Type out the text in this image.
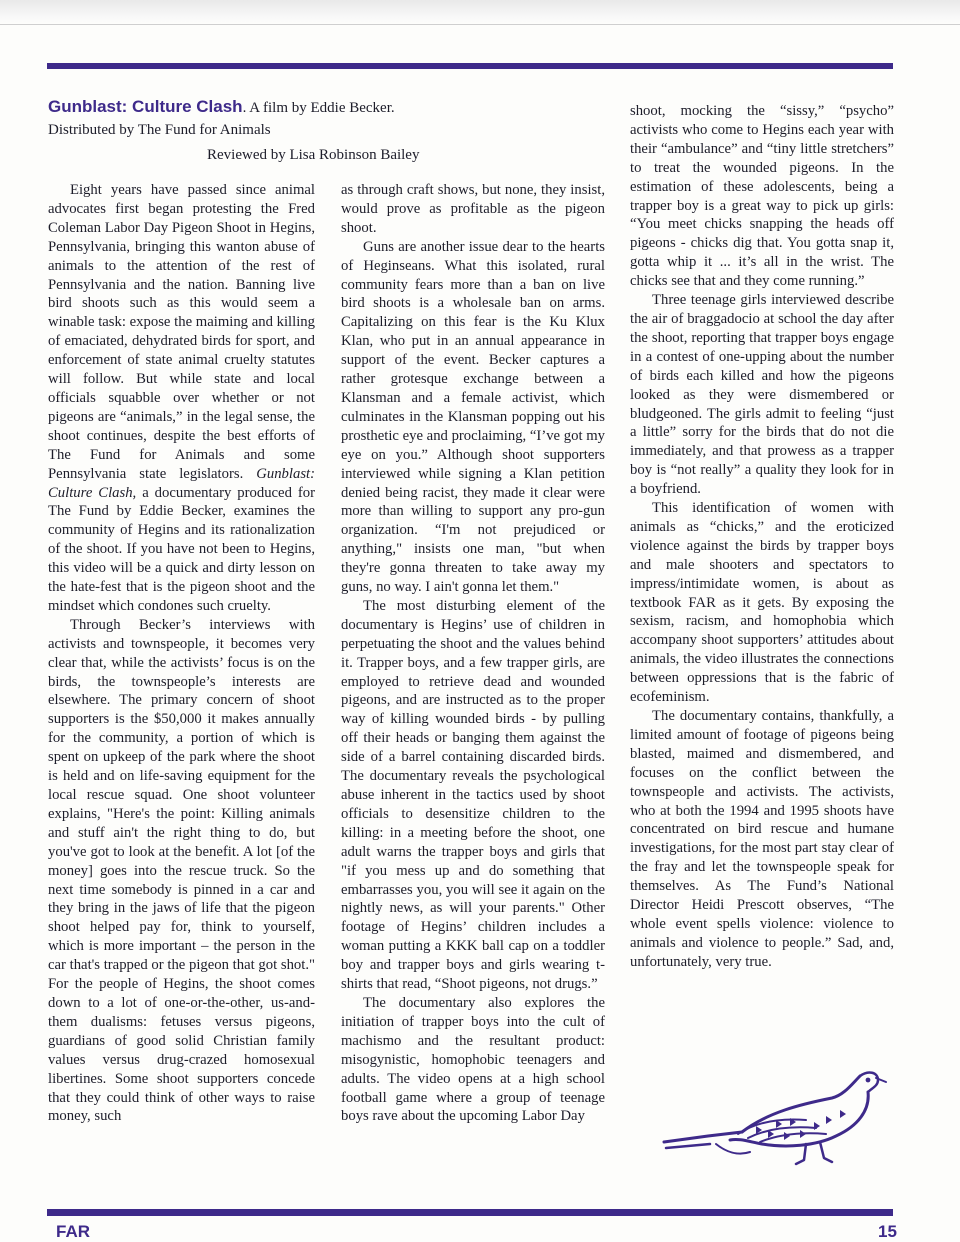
Gunblast: Culture Clash. A film by Eddie Becker.
Distributed by The Fund for Animals
Reviewed by Lisa Robinson Bailey

Eight years have passed since animal advocates first began protesting the Fred Coleman Labor Day Pigeon Shoot in Hegins, Pennsylvania, bringing this wanton abuse of animals to the attention of the rest of Pennsylvania and the nation. Banning live bird shoots such as this would seem a winable task: expose the maiming and killing of emaciated, dehydrated birds for sport, and enforcement of state animal cruelty statutes will follow. But while state and local officials squabble over whether or not pigeons are “animals,” in the legal sense, the shoot continues, despite the best efforts of The Fund for Animals and some Pennsylvania state legislators. Gunblast: Culture Clash, a documentary produced for The Fund by Eddie Becker, examines the community of Hegins and its rationalization of the shoot. If you have not been to Hegins, this video will be a quick and dirty lesson on the hate-fest that is the pigeon shoot and the mindset which condones such cruelty.

Through Becker’s interviews with activists and townspeople, it becomes very clear that, while the activists’ focus is on the birds, the townspeople’s interests are elsewhere. The primary concern of shoot supporters is the $50,000 it makes annually for the community, a portion of which is spent on upkeep of the park where the shoot is held and on life-saving equipment for the local rescue squad. One shoot volunteer explains, "Here's the point: Killing animals and stuff ain't the right thing to do, but you've got to look at the benefit. A lot [of the money] goes into the rescue truck. So the next time somebody is pinned in a car and they bring in the jaws of life that the pigeon shoot helped pay for, think to yourself, which is more important – the person in the car that's trapped or the pigeon that got shot." For the people of Hegins, the shoot comes down to a lot of one-or-the-other, us-and-them dualisms: fetuses versus pigeons, guardians of good solid Christian family values versus drug-crazed homosexual libertines. Some shoot supporters concede that they could think of other ways to raise money, such

as through craft shows, but none, they insist, would prove as profitable as the pigeon shoot.

Guns are another issue dear to the hearts of Heginseans. What this isolated, rural community fears more than a ban on live bird shoots is a wholesale ban on arms. Capitalizing on this fear is the Ku Klux Klan, who put in an annual appearance in support of the event. Becker captures a rather grotesque exchange between a Klansman and a female activist, which culminates in the Klansman popping out his prosthetic eye and proclaiming, “I’ve got my eye on you.” Although shoot supporters interviewed while signing a Klan petition denied being racist, they made it clear were more than willing to support any pro-gun organization. “I'm not prejudiced or anything," insists one man, "but when they're gonna threaten to take away my guns, no way. I ain't gonna let them."

The most disturbing element of the documentary is Hegins’ use of children in perpetuating the shoot and the values behind it. Trapper boys, and a few trapper girls, are employed to retrieve dead and wounded pigeons, and are instructed as to the proper way of killing wounded birds - by pulling off their heads or banging them against the side of a barrel containing discarded birds. The documentary reveals the psychological abuse inherent in the tactics used by shoot officials to desensitize children to the killing: in a meeting before the shoot, one adult warns the trapper boys and girls that "if you mess up and do something that embarrasses you, you will see it again on the nightly news, as will your parents." Other footage of Hegins’ children includes a woman putting a KKK ball cap on a toddler boy and trapper boys and girls wearing t-shirts that read, “Shoot pigeons, not drugs.”

The documentary also explores the initiation of trapper boys into the cult of machismo and the resultant product: misogynistic, homophobic teenagers and adults. The video opens at a high school football game where a group of teenage boys rave about the upcoming Labor Day

shoot, mocking the “sissy,” “psycho” activists who come to Hegins each year with their “ambulance” and “tiny little stretchers” to treat the wounded pigeons. In the estimation of these adolescents, being a trapper boy is a great way to pick up girls: “You meet chicks snapping the heads off pigeons - chicks dig that. You gotta snap it, gotta whip it ... it’s all in the wrist. The chicks see that and they come running.”

Three teenage girls interviewed describe the air of braggadocio at school the day after the shoot, reporting that trapper boys engage in a contest of one-upping about the number of birds each killed and how the pigeons looked as they were dismembered or bludgeoned. The girls admit to feeling “just a little” sorry for the birds that do not die immediately, and that prowess as a trapper boy is “not really” a quality they look for in a boyfriend.

This identification of women with animals as “chicks,” and the eroticized violence against the birds by trapper boys and male shooters and spectators to impress/intimidate women, is about as textbook FAR as it gets. By exposing the sexism, racism, and homophobia which accompany shoot supporters’ attitudes about animals, the video illustrates the connections between oppressions that is the fabric of ecofeminism.

The documentary contains, thankfully, a limited amount of footage of pigeons being blasted, maimed and dismembered, and focuses on the conflict between the townspeople and activists. The activists, who at both the 1994 and 1995 shoots have concentrated on bird rescue and humane investigations, for the most part stay clear of the fray and let the townspeople speak for themselves. As The Fund’s National Director Heidi Prescott observes, “The whole event spells violence: violence to animals and violence to people.” Sad, and, unfortunately, very true.

FAR	15
